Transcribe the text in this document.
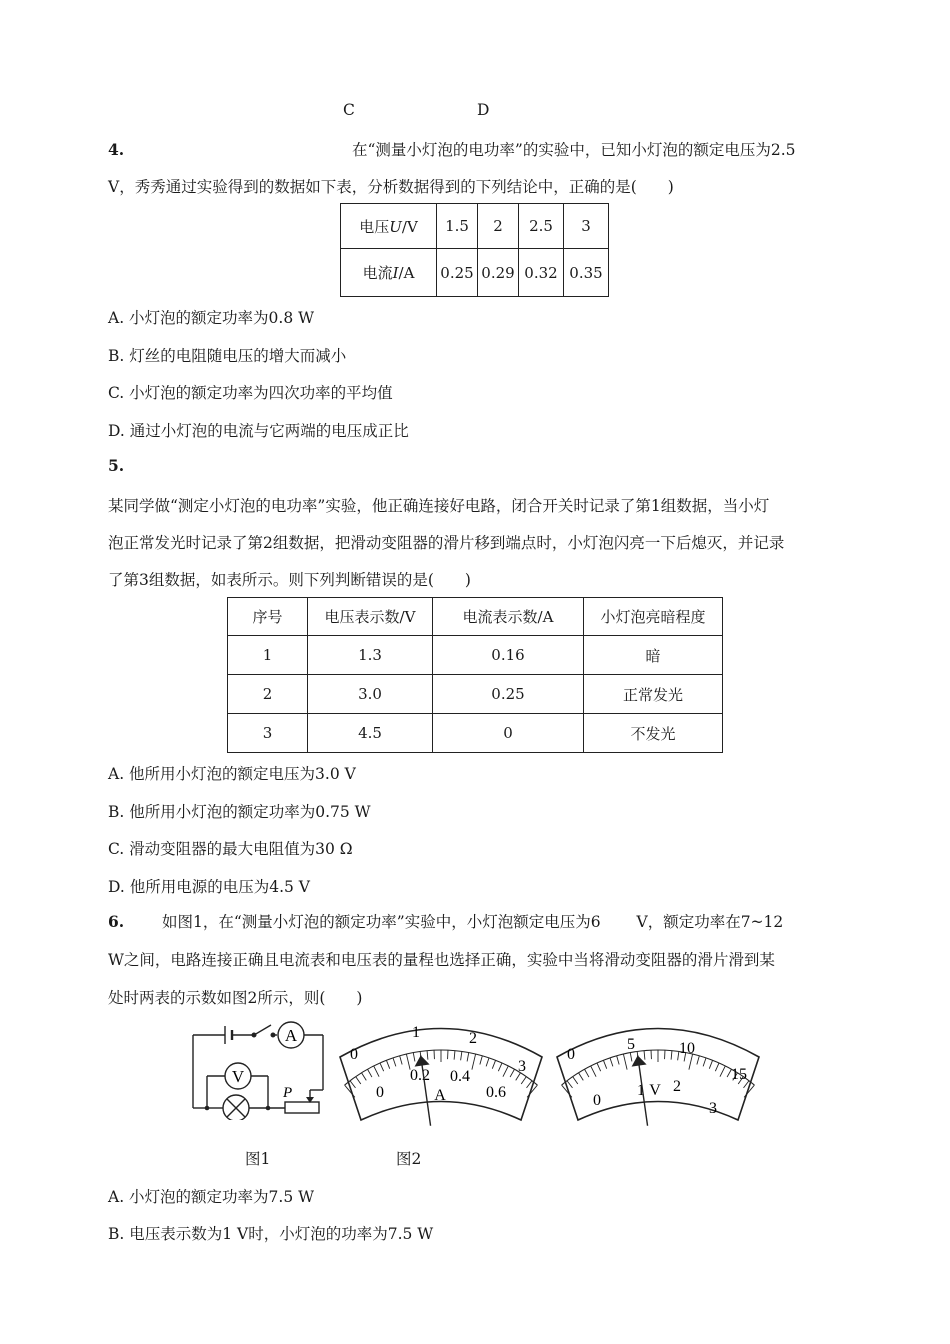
C	D
4.	在“测量小灯泡的电功率”的实验中，已知小灯泡的额定电压为2.5
V，秀秀通过实验得到的数据如下表，分析数据得到的下列结论中，正确的是(　　)
电压U/V	1.5	2	2.5	3
电流I/A	0.25	0.29	0.32	0.35
A. 小灯泡的额定功率为0.8 W
B. 灯丝的电阻随电压的增大而减小
C. 小灯泡的额定功率为四次功率的平均值
D. 通过小灯泡的电流与它两端的电压成正比
5.
某同学做“测定小灯泡的电功率”实验，他正确连接好电路，闭合开关时记录了第1组数据，当小灯
泡正常发光时记录了第2组数据，把滑动变阻器的滑片移到端点时，小灯泡闪亮一下后熄灭，并记录
了第3组数据，如表所示。则下列判断错误的是(　　)
序号	电压表示数/V	电流表示数/A	小灯泡亮暗程度
1	1.3	0.16	暗
2	3.0	0.25	正常发光
3	4.5	0	不发光
A. 他所用小灯泡的额定电压为3.0 V
B. 他所用小灯泡的额定功率为0.75 W
C. 滑动变阻器的最大电阻值为30 Ω
D. 他所用电源的电压为4.5 V
6. 如图1，在“测量小灯泡的额定功率”实验中，小灯泡额定电压为6　　 V，额定功率在7~12
W之间，电路连接正确且电流表和电压表的量程也选择正确，实验中当将滑动变阻器的滑片滑到某
处时两表的示数如图2所示，则(　　)
A
V
P
0
1	2
3
0
0.2 0.4
0.6
A
0
5	10
15
0
1 2
3
V
图1	图2
A. 小灯泡的额定功率为7.5 W
B. 电压表示数为1 V时，小灯泡的功率为7.5 W
